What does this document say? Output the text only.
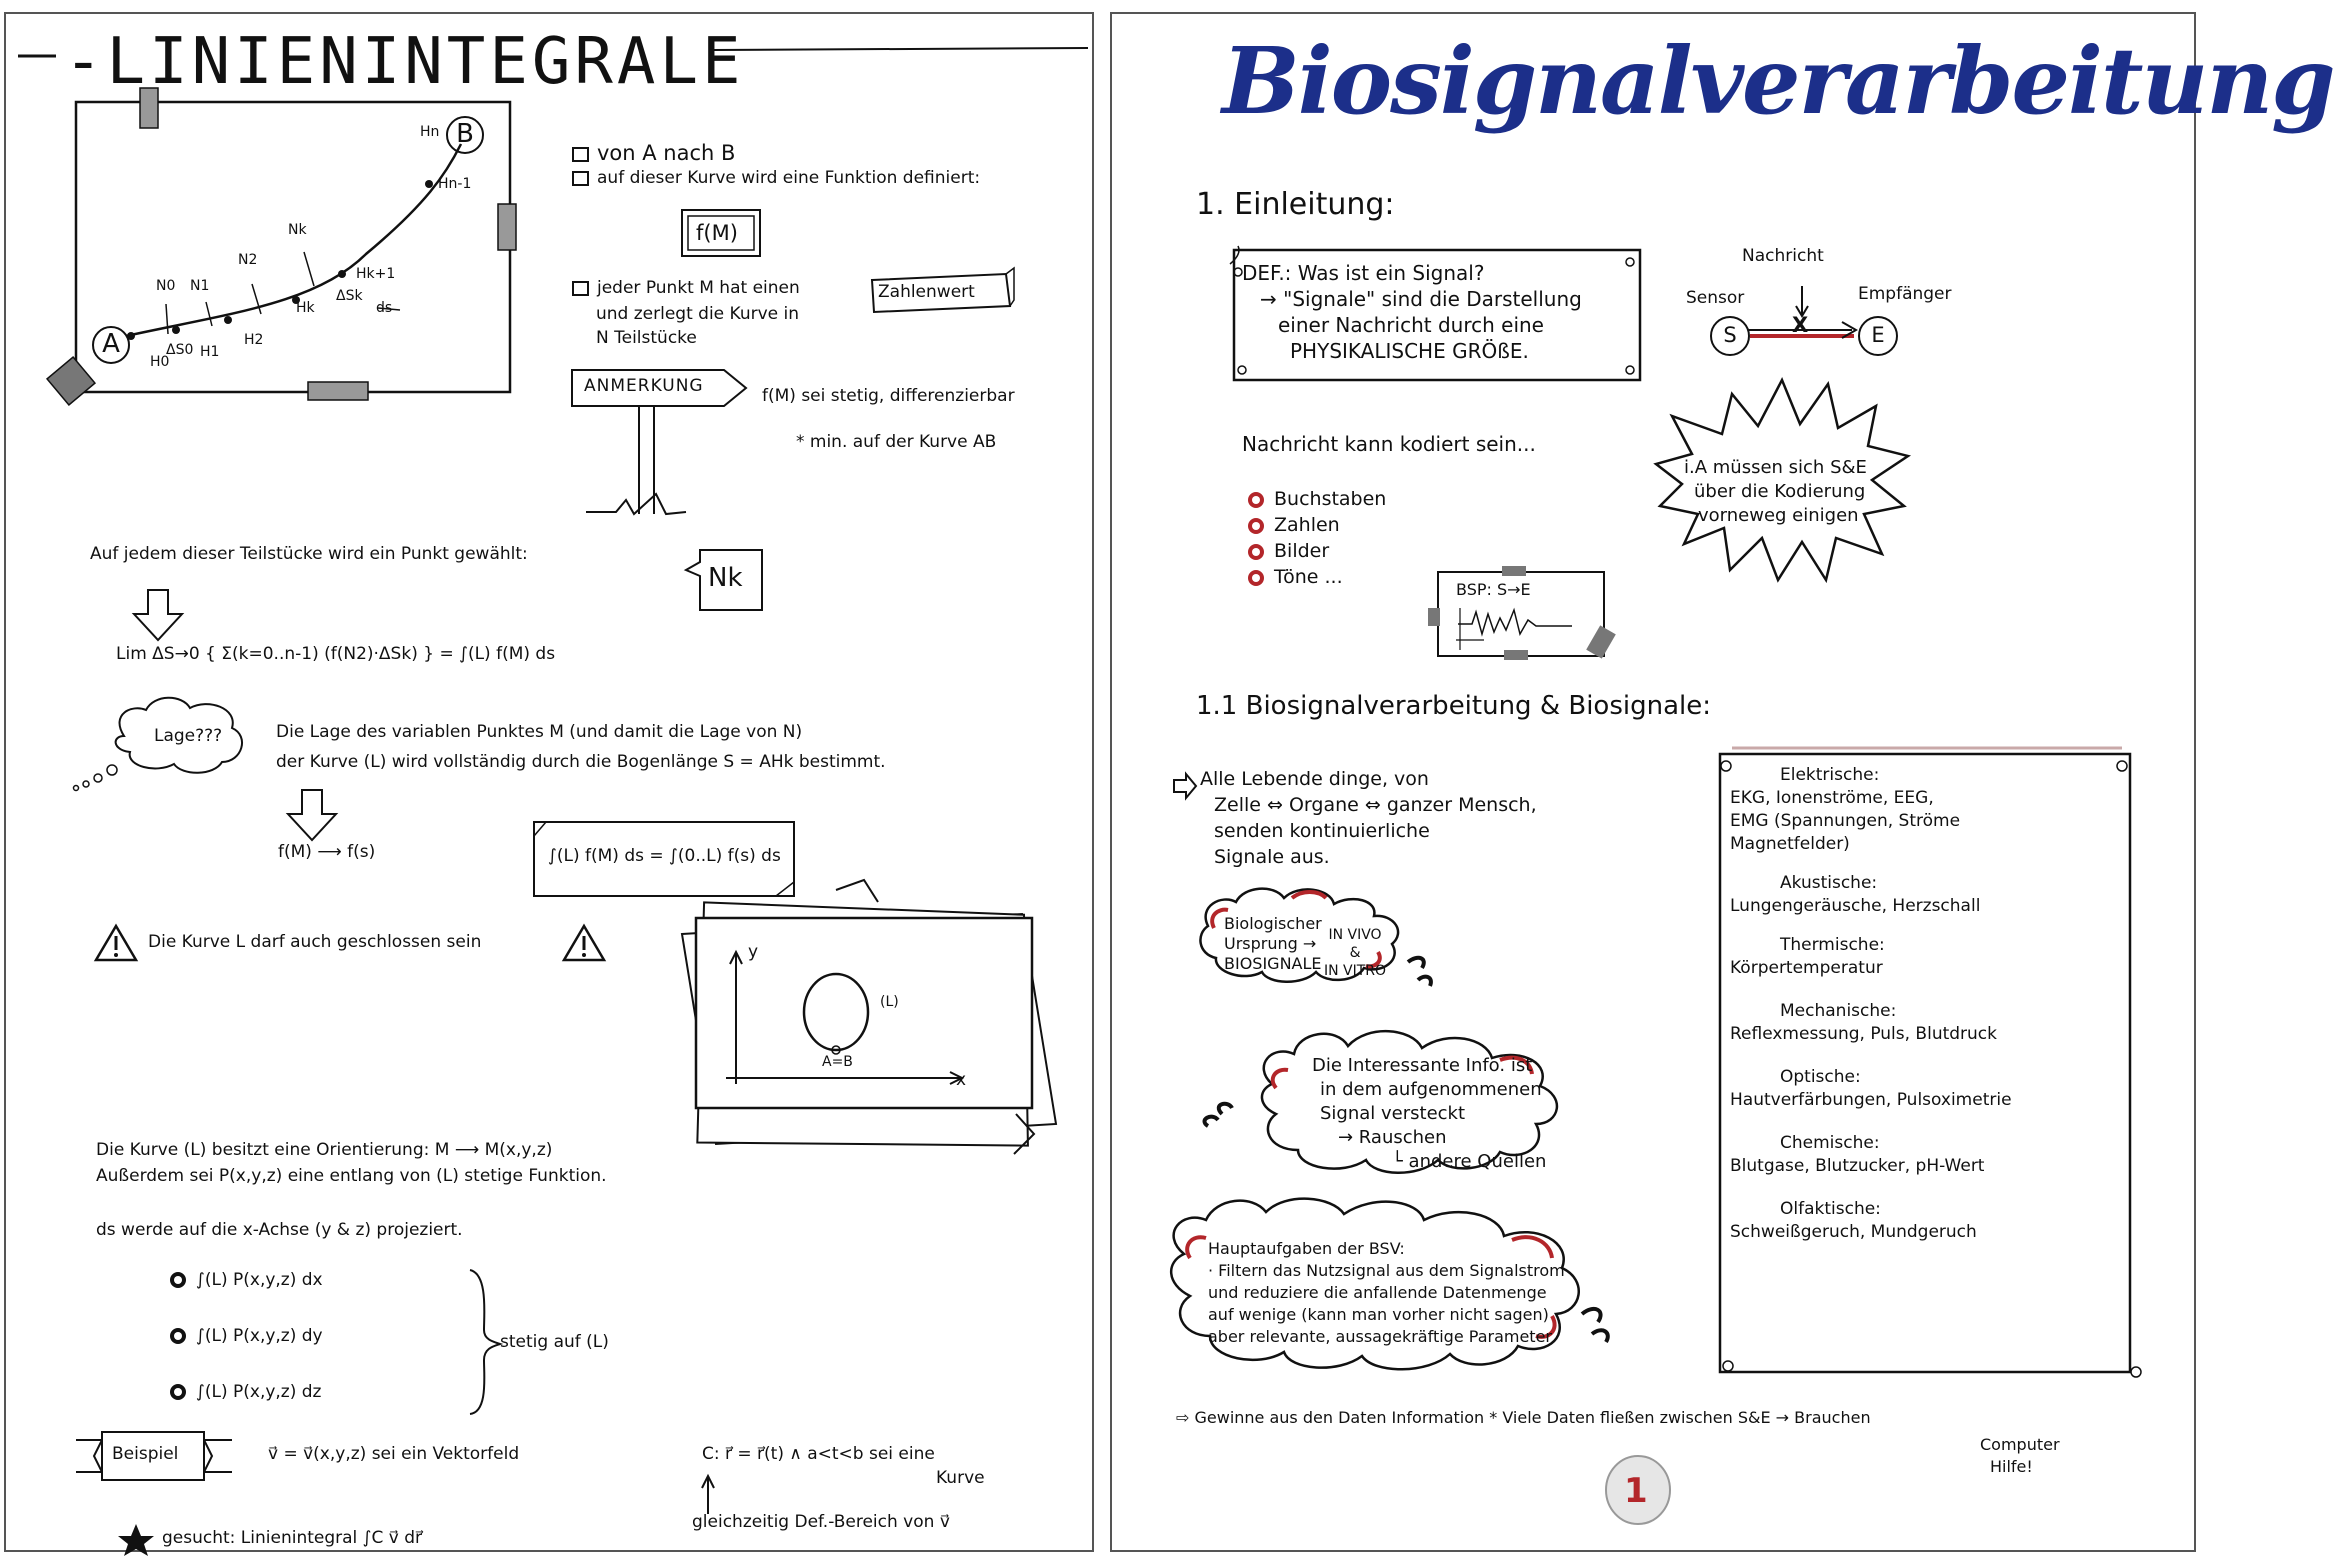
-LINIENINTEGRALE
B
A
Hn
Hn-1
Nk
N2
N1
N0
Hk+1
Hk
ΔSk
ds
H2
H1
H0
ΔS0
von A nach B
auf dieser Kurve wird eine Funktion definiert:
f(M)
jeder Punkt M hat einen	Zahlenwert
und zerlegt die Kurve in
N Teilstücke
ANMERKUNG	f(M) sei stetig, differenzierbar
* min. auf der Kurve AB
Auf jedem dieser Teilstücke wird ein Punkt gewählt:
Nk
Lim ΔS→0 { Σ(k=0..n-1) (f(N2)·ΔSk) } = ∫(L) f(M) ds
Lage???	Die Lage des variablen Punktes M (und damit die Lage von N)
der Kurve (L) wird vollständig durch die Bogenlänge S = AHk bestimmt.
f(M) ⟶ f(s)	∫(L) f(M) ds = ∫(0..L) f(s) ds
Die Kurve L darf auch geschlossen sein	y
x
(L)
A=B
Die Kurve (L) besitzt eine Orientierung: M ⟶ M(x,y,z)
Außerdem sei P(x,y,z) eine entlang von (L) stetige Funktion.
ds werde auf die x-Achse (y & z) projeziert.
∫(L) P(x,y,z) dx
∫(L) P(x,y,z) dy
∫(L) P(x,y,z) dz
stetig auf (L)
Beispiel	v⃗ = v⃗(x,y,z) sei ein Vektorfeld	C: r⃗ = r⃗(t) ∧ a<t<b sei eine
Kurve
gesucht: Linienintegral ∫C v⃗ dr⃗
gleichzeitig Def.-Bereich von v⃗
Biosignalverarbeitung
1. Einleitung:
DEF.: Was ist ein Signal?
→ "Signale" sind die Darstellung
einer Nachricht durch eine
PHYSIKALISCHE GRÖßE.
Nachricht
Sensor	Empfänger
S	E
X
Nachricht kann kodiert sein...
Buchstaben
Zahlen
Bilder
Töne ...
BSP: S→E
i.A müssen sich S&E
über die Kodierung
vorneweg einigen
1.1 Biosignalverarbeitung & Biosignale:
Alle Lebende dinge, von
Zelle ⇔ Organe ⇔ ganzer Mensch,
senden kontinuierliche
Signale aus.
Biologischer
Ursprung →
BIOSIGNALE
IN VIVO
&
IN VITRO
Die Interessante Info. ist
in dem aufgenommenen
Signal versteckt
→ Rauschen
└ andere Quellen
Hauptaufgaben der BSV:
· Filtern das Nutzsignal aus dem Signalstrom
und reduziere die anfallende Datenmenge
auf wenige (kann man vorher nicht sagen)
aber relevante, aussagekräftige Parameter
Elektrische:
EKG, Ionenströme, EEG,
EMG (Spannungen, Ströme
Magnetfelder)
Akustische:
Lungengeräusche, Herzschall
Thermische:
Körpertemperatur
Mechanische:
Reflexmessung, Puls, Blutdruck
Optische:
Hautverfärbungen, Pulsoximetrie
Chemische:
Blutgase, Blutzucker, pH-Wert
Olfaktische:
Schweißgeruch, Mundgeruch
⇨ Gewinne aus den Daten Information * Viele Daten fließen zwischen S&E → Brauchen
Computer
Hilfe!
1
